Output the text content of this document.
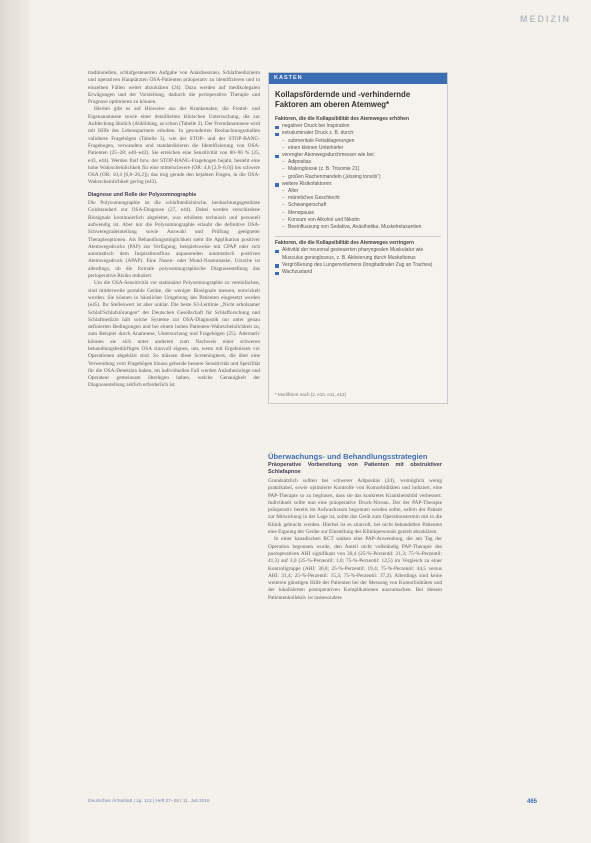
MEDIZIN

traditionellen, schlafgesteuerten Aufgabe von Anästhesisten, Schlafmedizinern und operativen Hauptärzten OSA-Patienten präoperativ zu identifizieren und in einzelnen Fällen weiter abzuklären (24). Dazu werden auf medikolegalen Erwägungen und der Vorstellung, dadurch die perioperative Therapie und Prognose optimieren zu können.

Hierbei gibt es auf Hinweise aus der Krankenakte, die Fremd- und Eigenanamnese sowie einer detaillierten klinischen Untersuchung, die zur Aufdeckung ähnlich (Abbildung, as schon (Tabelle 2). Der Fremdanamnese wird mit Hilfe des Lebenspartners erhoben. In gesonderten Beobachtungsstudien validierte Fragebögen (Tabelle 3), wie der STOP- und der STOP-BANG-Fragebogen, verwandten und standardisieren die Identifizierung von OSA-Patienten (25–28; e40–e42). Sie erreichen eine Sensitivität von 80–90 % (25, e43, e44). Werden fünf bzw. der STOP-BANG-Fragebogen bejaht, besteht eine hohe Wahrscheinlichkeit für eine mittelschwere (OR: 4,8 [2,9–8,0]) bis schwere OSA (OR: 10,4 [6,8–26,2]); das trug gerade den bejahten Fragen, in die OSA-Wahrscheinlichkeit gering (e42).

Diagnose und Rolle der Polysomnographie

Die Polysomnographie ist die schlafmedizinische, beobachtungsgestützte Goldstandard zur OSA-Diagnose (27, e44). Dabei werden verschiedene Biosignale kontinuierlich abgeleitet, was erhöhten technisch und personell aufwendig ist. Aber nur die Polysomnographie erlaubt die definitive OSA-Schweregradeinteilung sowie Auswahl und Prüfung geeigneter Therapieoptionen. Als Behandlungsmöglichkeit steht die Applikation positiver Atemwegsdrucks (PAP) zur Verfügung, beispielsweise mit CPAP oder sich automatisch dem Inspirationsfluss anpassenden automatisch positiven Atemwegsdruck (APAP). Eine Nasen- oder Mund-Nasenmaske, Ursache ist allerdings, ob die formale polysomnographische Diagnosestellung das perioperative Risiko reduziert.

Um die OSA-Sensitivität vor stationärer Polysomnographie zu vereinfachen, sind mittlerweile portable Geräte, die weniger Biosignale messen, entwickelt worden. Sie können in häuslicher Umgebung des Patienten eingesetzt werden (e45). Ihr Stellenwert ist aber unklar. Die beste S3-Leitlinie „Nicht erholsamer Schlaf/Schlafstörungen“ der Deutschen Gesellschaft für Schlafforschung und Schlafmedizin hält solche Systeme zur OSA-Diagnostik nur unter genau definierten Bedingungen und bei einem hohen Patienten-Wahrscheinlichkeit zu, zum Beispiel durch Anamnese, Untersuchung und Fragebögen (25). Alternativ können sie sich unter anderem zum Nachweis einer schweren behandlungsbedürftigen OSA sinnvoll eignen, um, wenn mit Ergebnissen vor Operationen abgeklärt sind. So müssen diese Screeningtests, die über eine Verwendung vorn Fragebögen hinaus gehende bessere Sensitivität und Spezifität für die OSA-Detektion haben, im individuellen Fall werden Anästhesiologe und Operateur gemeinsam überlegen haben, welche Genauigkeit der Diagnosestellung zeitlich erforderlich ist.

KASTEN
Kollapsfördernde und -verhindernde Faktoren am oberen Atemweg*
Faktoren, die die Kollapsibilität des Atemweges erhöhen
negativer Druck bei Inspiration
extraluminaler Druck z. B. durch:
– submentale Fettablagerungen
– einen kleinen Unterkiefer
verengter Atemwegsdurchmesser wie bei:
– Adipositas
– Makroglossie (z. B. Trisomie 21)
– großen Rachenmandeln („kissing tonsils“)
weitere Risikofaktoren:
– Alter
– männliches Geschlecht
– Schwangerschaft
– Menopause
– Konsum von Alkohol und Nikotin
– Beeinflussung von Sedativa, Anästhetika, Muskelrelaxantien
Faktoren, die die Kollapsibilität des Atemweges verringern
Aktivität der neuronal gesteuerten pharyngealen Muskulatur wie Musculus genioglossus, z. B. Aktivierung durch Muskeltonus
Vergrößerung des Lungenvolumens (longitudinaler Zug an Trachea)
Wachzustand
* Modifiziert nach (2, e10, e11, e12)
Überwachungs- und Behandlungsstrategien
Präoperative Vorbereitung von Patienten mit obstruktiver Schlafapnoe

Grundsätzlich sollten bei schwerer Adipositas (24), womöglich wenig praktikabel, sowie optimierte Kontrolle von Komorbiditäten und indiziert, eine PAP-Therapie so zu beginnen, dass sie das konkretes Krankheitsbild verbessert. Individuell sollte nun eine präoperative Druck-Niveau. Der der PAP-Therapie präoperativ bereits im Aufwachraum begonnen werden sollte, sofern der Patient zur Mitwirkung in der Lage ist, sollte das Gerät zum Operationstermin mit in die Klinik gebracht werden. Hierbei ist es sinnvoll, bei nicht behandelten Patienten eine Eignung der Geräte zur Einstellung des Klinikpersonals gezielt abzuklären.

In einer kanadischen RCT sanken eine PAP-Anwendung, die am Tag der Operation begonnen wurde, den Anteil nicht vollständig PAP-Therapie des postoperativen AHI signifikant von 30,4 (25-%-Perzentil: 21,3; 75-%-Perzentil: 41,3) auf 3,0 (25-%-Perzentil: 1,0; 75-%-Perzentil: 12,5) im Vergleich zu einer Kontrollgruppe (AHI: 30,8; 25-%-Perzentil: 19,4; 75-%-Perzentil: 44,5 versus AHI: 31,4; 25-%-Perzentil: 15,3; 75-%-Perzentil: 37,2). Allerdings sind keine weiteren günstigen Hilfe der Patienten bei der Messung von Komorbiditäten und der lokalisierten postoperativen Komplikationen auszumachen. Bei diesem Patientenkollektiv ist insbesondere

Deutsches Ärzteblatt | Jg. 113 | Heft 27–28 | 11. Juli 2016	465
